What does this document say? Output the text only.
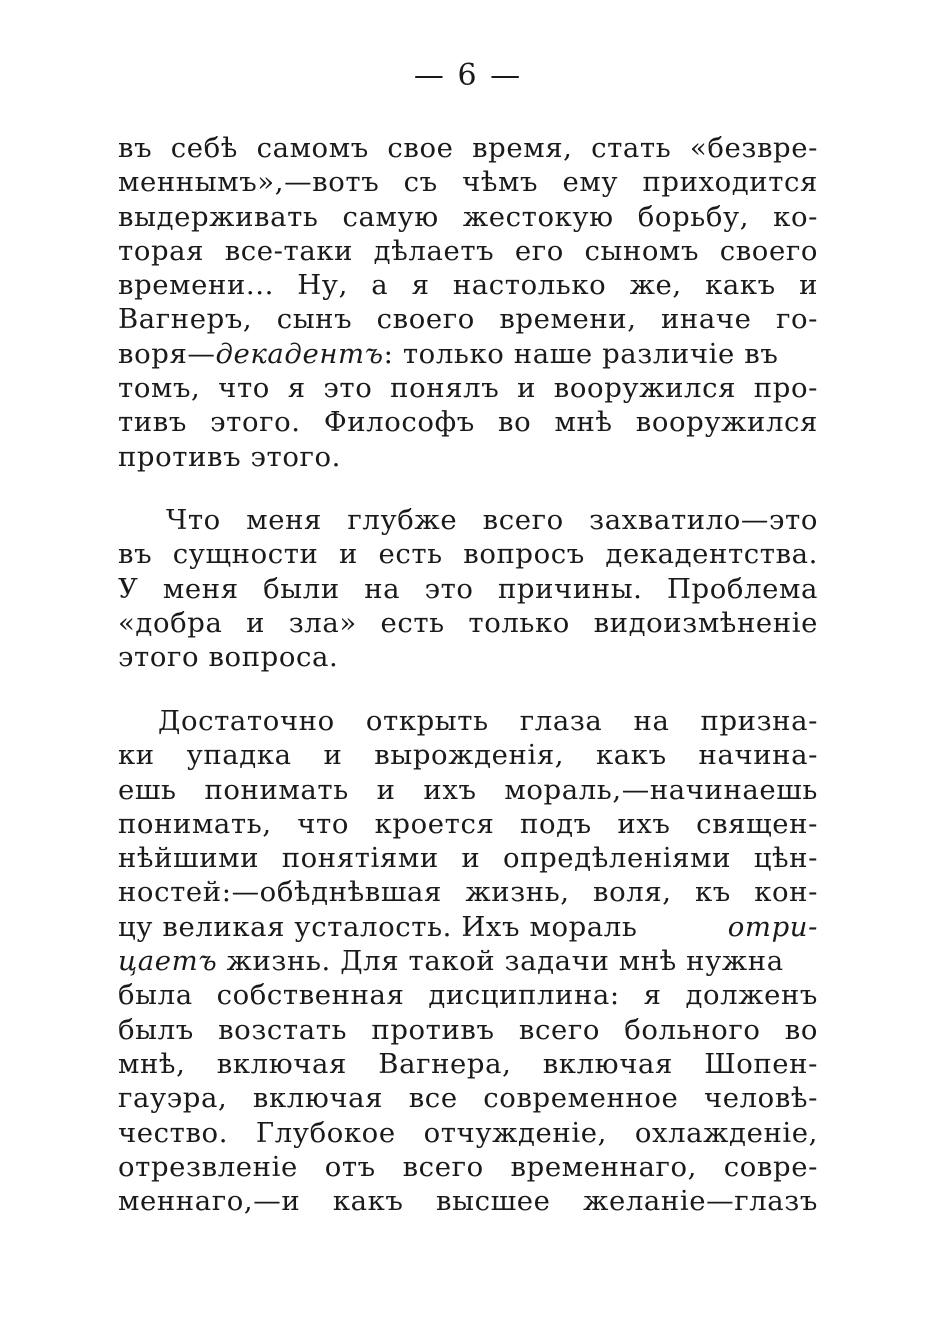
— 6 —
въ себѣ самомъ свое время, стать «безвре-
меннымъ»,—вотъ съ чѣмъ ему приходится
выдерживать самую жестокую борьбу, ко-
торая все-таки дѣлаетъ его сыномъ своего
времени... Ну, а я настолько же, какъ и
Вагнеръ, сынъ своего времени, иначе го-
воря—декадентъ: только наше различіе въ
томъ, что я это понялъ и вооружился про-
тивъ этого. Философъ во мнѣ вооружился
противъ этого.
Что меня глубже всего захватило—это
въ сущности и есть вопросъ декадентства.
У меня были на это причины. Проблема
«добра и зла» есть только видоизмѣненіе
этого вопроса.
Достаточно открыть глаза на призна-
ки упадка и вырожденія, какъ начина-
ешь понимать и ихъ мораль,—начинаешь
понимать, что кроется подъ ихъ священ-
нѣйшими понятіями и опредѣленіями цѣн-
ностей:—обѣднѣвшая жизнь, воля, къ кон-
цу великая усталость. Ихъ мораль	отри-
цаетъ жизнь. Для такой задачи мнѣ нужна
была собственная дисциплина: я долженъ
былъ возстать противъ всего больного во
мнѣ, включая Вагнера, включая Шопен-
гауэра, включая все современное человѣ-
чество. Глубокое отчужденіе, охлажденіе,
отрезвленіе отъ всего временнаго, совре-
меннаго,—и какъ высшее желаніе—глазъ
